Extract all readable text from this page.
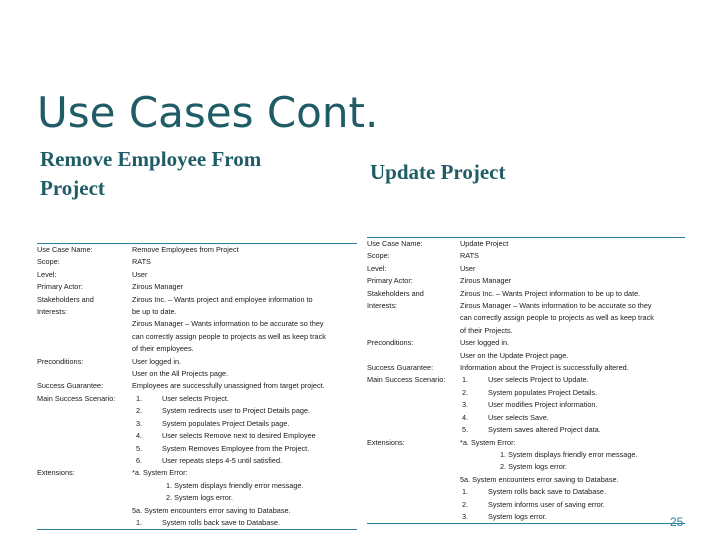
Use Cases Cont.
Remove Employee From
Project
Update Project
Use Case Name:	Remove Employees from Project
Scope:	RATS
Level:	User
Primary Actor:	Zirous Manager
Stakeholders and
Interests:
Zirous Inc. – Wants project and employee information to
be up to date.
Zirous Manager – Wants information to be accurate so they
can correctly assign people to projects as well as keep track
of their employees.
Preconditions:	User logged in.
User on the All Projects page.
Success Guarantee:	Employees are successfully unassigned from target project.
Main Success Scenario:	1.	User selects Project.
2.	System redirects user to Project Details page.
3.	System populates Project Details page.
4.	User selects Remove next to desired Employee
5.	System Removes Employee from the Project.
6.	User repeats steps 4-5 until satisfied.
Extensions:	*a. System Error:
1. System displays friendly error message.
2. System logs error.
5a. System encounters error saving to Database.
1.	System rolls back save to Database.
Use Case Name:	Update Project
Scope:	RATS
Level:	User
Primary Actor:	Zirous Manager
Stakeholders and
Interests:
Zirous Inc. – Wants Project information to be up to date.
Zirous Manager – Wants information to be accurate so they
can correctly assign people to projects as well as keep track
of their Projects.
Preconditions:	User logged in.
User on the Update Project page.
Success Guarantee:	Information about the Project is successfully altered.
Main Success Scenario:	1.	User selects Project to Update.
2.	System populates Project Details.
3.	User modifies Project information.
4.	User selects Save.
5.	System saves altered Project data.
Extensions:	*a. System Error:
1. System displays friendly error message.
2. System logs error.
5a. System encounters error saving to Database.
1.	System rolls back save to Database.
2.	System informs user of saving error.
3.	System logs error.	25
